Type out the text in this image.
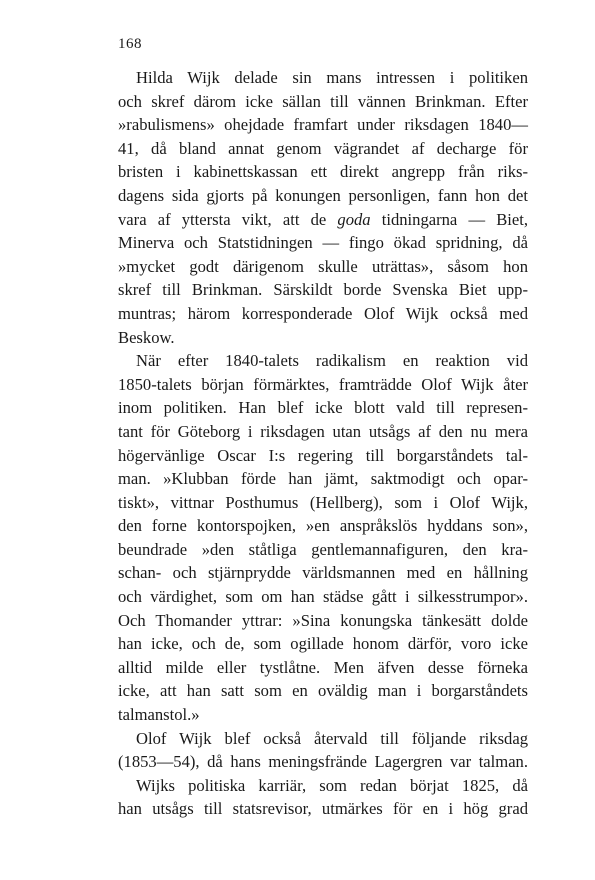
168
Hilda Wijk delade sin mans intressen i politiken
och skref därom icke sällan till vännen Brinkman. Efter
»rabulismens» ohejdade framfart under riksdagen 1840—
41, då bland annat genom vägrandet af decharge för
bristen i kabinettskassan ett direkt angrepp från riks-
dagens sida gjorts på konungen personligen, fann hon det
vara af yttersta vikt, att de goda tidningarna — Biet,
Minerva och Statstidningen — fingo ökad spridning, då
»mycket godt därigenom skulle uträttas», såsom hon
skref till Brinkman. Särskildt borde Svenska Biet upp-
muntras; härom korresponderade Olof Wijk också med
Beskow.
När efter 1840-talets radikalism en reaktion vid
1850-talets början förmärktes, framträdde Olof Wijk åter
inom politiken. Han blef icke blott vald till represen-
tant för Göteborg i riksdagen utan utsågs af den nu mera
högervänlige Oscar I:s regering till borgarståndets tal-
man. »Klubban förde han jämt, saktmodigt och opar-
tiskt», vittnar Posthumus (Hellberg), som i Olof Wijk,
den forne kontorspojken, »en anspråkslös hyddans son»,
beundrade »den ståtliga gentlemannafiguren, den kra-
schan- och stjärnprydde världsmannen med en hållning
och värdighet, som om han städse gått i silkesstrumpor».
Och Thomander yttrar: »Sina konungska tänkesätt dolde
han icke, och de, som ogillade honom därför, voro icke
alltid milde eller tystlåtne. Men äfven desse förneka
icke, att han satt som en oväldig man i borgarståndets
talmanstol.»
Olof Wijk blef också återvald till följande riksdag
(1853—54), då hans meningsfrände Lagergren var talman.
Wijks politiska karriär, som redan börjat 1825, då
han utsågs till statsrevisor, utmärkes för en i hög grad
